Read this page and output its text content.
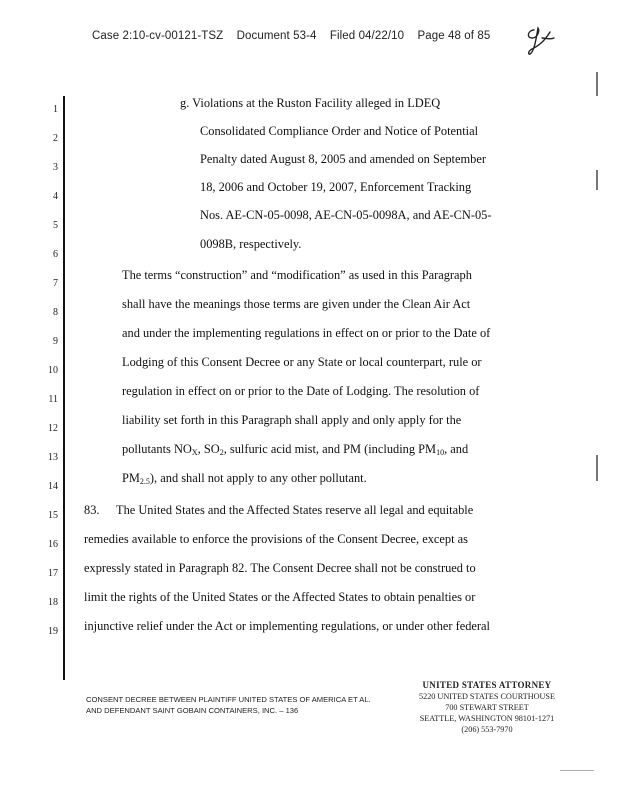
Case 2:10-cv-00121-TSZ Document 53-4 Filed 04/22/10 Page 48 of 85
1
2
3
4
5
6
7
8
9
10
11
12
13
14
15
16
17
18
19
g. Violations at the Ruston Facility alleged in LDEQ
Consolidated Compliance Order and Notice of Potential
Penalty dated August 8, 2005 and amended on September
18, 2006 and October 19, 2007, Enforcement Tracking
Nos. AE-CN-05-0098, AE-CN-05-0098A, and AE-CN-05-
0098B, respectively.
The terms “construction” and “modification” as used in this Paragraph
shall have the meanings those terms are given under the Clean Air Act
and under the implementing regulations in effect on or prior to the Date of
Lodging of this Consent Decree or any State or local counterpart, rule or
regulation in effect on or prior to the Date of Lodging. The resolution of
liability set forth in this Paragraph shall apply and only apply for the
pollutants $NO_X$, $SO_2$, sulfuric acid mist, and PM (including $PM_{10}$, and
$PM_{2.5}$), and shall not apply to any other pollutant.
83. The United States and the Affected States reserve all legal and equitable
remedies available to enforce the provisions of the Consent Decree, except as
expressly stated in Paragraph 82. The Consent Decree shall not be construed to
limit the rights of the United States or the Affected States to obtain penalties or
injunctive relief under the Act or implementing regulations, or under other federal
CONSENT DECREE BETWEEN PLAINTIFF UNITED STATES OF AMERICA ET AL.
AND DEFENDANT SAINT GOBAIN CONTAINERS, INC. – 136
UNITED STATES ATTORNEY
5220 UNITED STATES COURTHOUSE
700 STEWART STREET
SEATTLE, WASHINGTON 98101-1271
(206) 553-7970
